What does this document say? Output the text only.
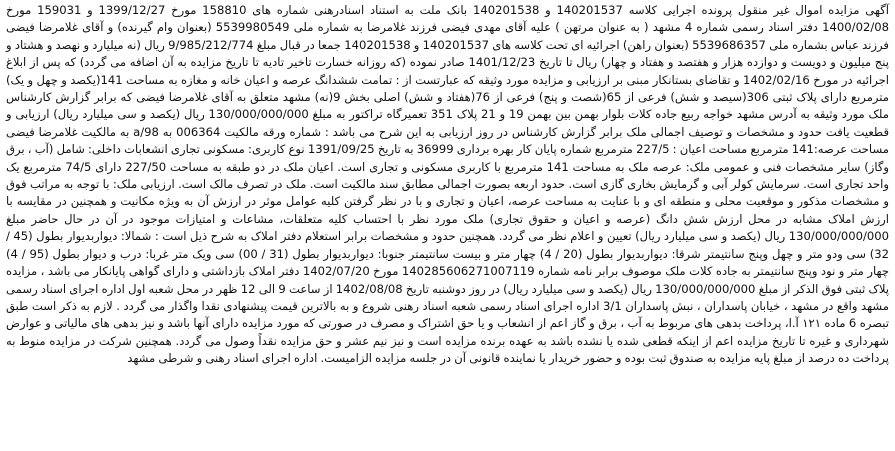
آگهی مزایده اموال غیر منقول پرونده اجرایی کلاسه 140201537 و 140201538 بانک ملت به استناد اسنادرهنی شماره های 158810 مورخ 1399/12/27 و 159031 مورخ 1400/02/08 دفتر اسناد رسمی شماره 4 مشهد ( به عنوان مرتهن ) علیه آقای مهدی فیضی فرزند غلامرضا به شماره ملی 5539980549 (بعنوان وام گیرنده) و آقای غلامرضا فیضی فرزند عباس بشماره ملی 5539686357 (بعنوان راهن) اجرائیه ای تحت کلاسه های 140201537 و 140201538 جمعا در قبال مبلغ 9/985/212/774 ریال (نه میلیارد و نهصد و هشتاد و پنج میلیون و دویست و دوازده هزار و هفتصد و هفتاد و چهار) ریال تا تاریخ 1401/12/23 صادر نموده (که روزانه خسارت تاخیر تادیه تا تاریخ مزایده به آن اضافه می گردد) که پس از ابلاغ اجرائیه در مورخ 1402/02/16 و تقاضای بستانکار مبنی بر ارزیابی و مزایده مورد وثیقه که عبارتست از : تمامت ششدانگ عرصه و اعیان خانه و مغازه به مساحت 141(یکصد و چهل و یک) مترمربع دارای پلاک ثبتی 306(سیصد و شش) فرعی از 65(شصت و پنج) فرعی از 76(هفتاد و شش) اصلی بخش 9(نه) مشهد متعلق به آقای غلامرضا فیضی که برابر گزارش کارشناس ملک مورد وثیقه به آدرس مشهد خواجه ربیع جاده کلات بلوار بهمن بین بهمن 19 و 21 پلاک 351 تعمیرگاه تراکتور به مبلغ 130/000/000/000 ریال (یکصد و سی میلیارد ریال) ارزیابی و قطعیت یافت حدود و مشخصات و توصیف اجمالی ملک برابر گزارش کارشناس در روز ارزیابی به این شرح می باشد : شماره ورقه مالکیت 006364 به 98/a به مالکیت غلامرضا فیضی مساحت عرصه:141 مترمربع مساحت اعیان : 227/5 مترمربع شماره پایان کار بهره برداری 36999 به تاریخ 1391/09/25 نوع کاربری: مسکونی تجاری انشعابات داخلی: شامل (آب ، برق وگاز) سایر مشخصات فنی و عمومی ملک: عرصه ملک به مساحت 141 مترمربع با کاربری مسکونی و تجاری است. اعیان ملک در دو طبقه به مساحت 227/50 دارای 74/5 مترمربع یک واحد تجاری است. سرمایش کولر آبی و گرمایش بخاری گازی است. حدود اربعه بصورت اجمالی مطابق سند مالکیت است. ملک در تصرف مالک است. ارزیابی ملک: با توجه به مراتب فوق و مشخصات مذکور و موقعیت محلی و منطقه ای و با عنایت به مساحت عرصه، اعیان و تجاری و با در نظر گرفتن کلیه عوامل موثر در ارزش آن به ویژه مکانیت و همچنین در مقایسه با ارزش املاک مشابه در محل ارزش شش دانگ (عرصه و اعیان و حقوق تجاری) ملک مورد نظر با احتساب کلیه متعلقات، مشاعات و امتیازات موجود در آن در حال حاضر مبلغ 130/000/000/000 ریال (یکصد و سی میلیارد ریال) تعیین و اعلام نظر می گردد. همچنین حدود و مشخصات برابر استعلام دفتر املاک به شرح ذیل است : شمالا: دیواربدیوار بطول (45 / 32) سی ودو متر و چهل وپنج سانتیمتر شرقا: دیواربدیوار بطول (20 / 4) چهار متر و بیست سانتیمتر جنوبا: دیواربدیوار بطول (31 / 00) سی ویک متر غربا: درب و دیوار بطول (95 / 4) چهار متر و نود وپنج سانتیمتر به جاده کلات ملک موصوف برابر نامه شماره 140285606271007119 مورخ 1402/07/20 دفتر املاک بازداشتی و دارای گواهی پایانکار می باشد ، مزایده پلاک ثبتی فوق الذکر از مبلغ 130/000/000/000 ریال (یکصد و سی میلیارد ریال) در روز دوشنبه تاریخ 1402/08/08 از ساعت 9 الی 12 ظهر در محل شعبه اول اداره اجرای اسناد رسمی مشهد واقع در مشهد ، خیابان پاسداران ، نبش پاسداران 3/1 اداره اجرای اسناد رسمی شعبه اسناد رهنی شروع و به بالاترین قیمت پیشنهادی نقدا واگذار می گردد . لازم به ذکر است طبق تبصره 6 ماده ۱۲۱ آ.ا، پرداخت بدهی های مربوط به آب ، برق و گاز اعم از انشعاب و یا حق اشتراک و مصرف در صورتی که مورد مزایده دارای آنها باشد و نیز بدهی های مالیاتی و عوارض شهرداری و غیره تا تاریخ مزایده اعم از اینکه قطعی شده یا نشده باشد به عهده برنده مزایده است و نیز نیم عشر و حق مزایده نقداً وصول می گردد. همچنین شرکت در مزایده منوط به پرداخت ده درصد از مبلغ پایه مزایده به صندوق ثبت بوده و حضور خریدار یا نماینده قانونی آن در جلسه مزایده الزامیست. اداره اجرای اسناد رهنی و شرطی مشهد
